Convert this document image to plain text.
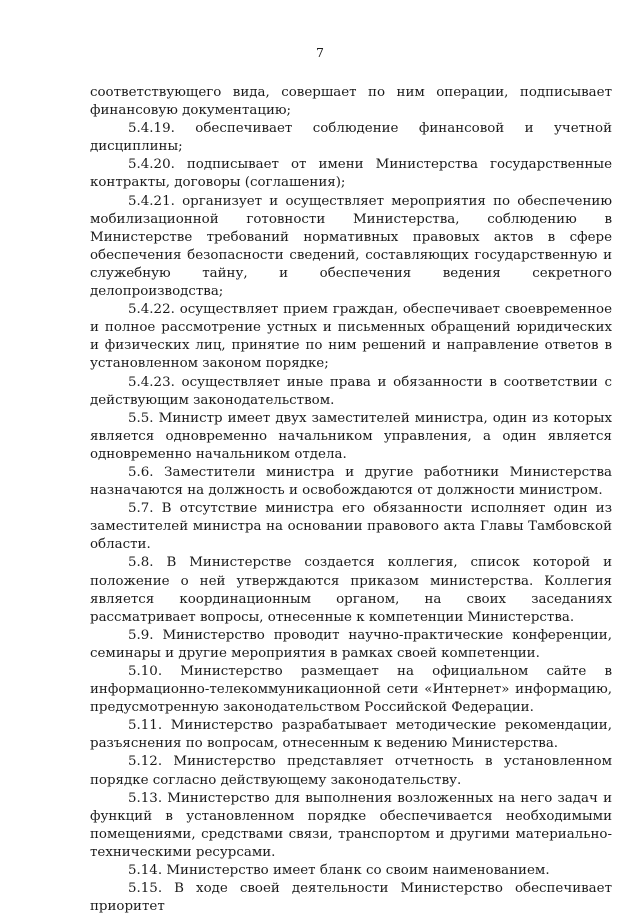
7

соответствующего вида, совершает по ним операции, подписывает финансовую документацию;

5.4.19. обеспечивает соблюдение финансовой и учетной дисциплины;

5.4.20. подписывает от имени Министерства государственные контракты, договоры (соглашения);

5.4.21. организует и осуществляет мероприятия по обеспечению мобилизационной готовности Министерства, соблюдению в Министерстве требований нормативных правовых актов в сфере обеспечения безопасности сведений, составляющих государственную и служебную тайну, и обеспечения ведения секретного делопроизводства;

5.4.22. осуществляет прием граждан, обеспечивает своевременное и полное рассмотрение устных и письменных обращений юридических и физических лиц, принятие по ним решений и направление ответов в установленном законом порядке;

5.4.23. осуществляет иные права и обязанности в соответствии с действующим законодательством.

5.5. Министр имеет двух заместителей министра, один из которых является одновременно начальником управления, а один является одновременно начальником отдела.

5.6. Заместители министра и другие работники Министерства назначаются на должность и освобождаются от должности министром.

5.7. В отсутствие министра его обязанности исполняет один из заместителей министра на основании правового акта Главы Тамбовской области.

5.8. В Министерстве создается коллегия, список которой и положение о ней утверждаются приказом министерства. Коллегия является координационным органом, на своих заседаниях рассматривает вопросы, отнесенные к компетенции Министерства.

5.9. Министерство проводит научно-практические конференции, семинары и другие мероприятия в рамках своей компетенции.

5.10. Министерство размещает на официальном сайте в информационно-телекоммуникационной сети «Интернет» информацию, предусмотренную законодательством Российской Федерации.

5.11. Министерство разрабатывает методические рекомендации, разъяснения по вопросам, отнесенным к ведению Министерства.

5.12. Министерство представляет отчетность в установленном порядке согласно действующему законодательству.

5.13. Министерство для выполнения возложенных на него задач и функций в установленном порядке обеспечивается необходимыми помещениями, средствами связи, транспортом и другими материально-техническими ресурсами.

5.14. Министерство имеет бланк со своим наименованием.

5.15. В ходе своей деятельности Министерство обеспечивает приоритет
